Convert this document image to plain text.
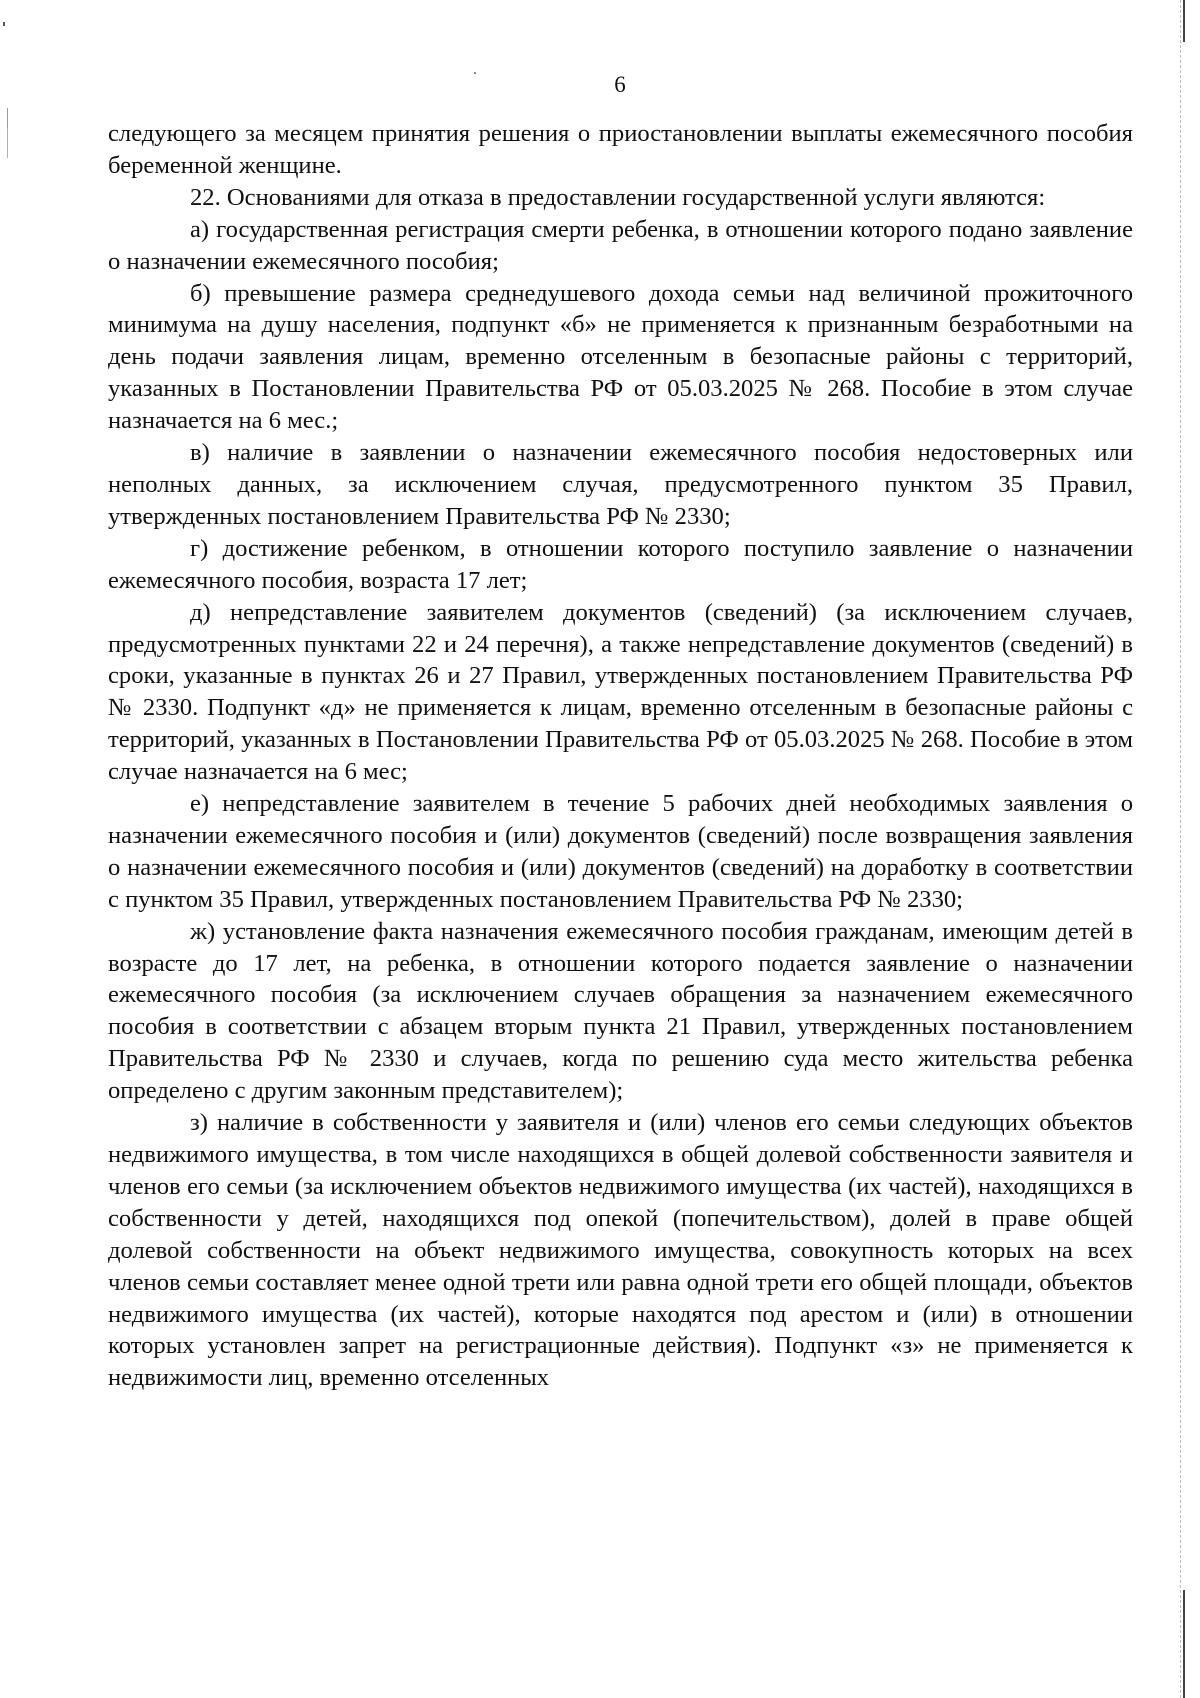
6

следующего за месяцем принятия решения о приостановлении выплаты ежемесячного пособия беременной женщине.

22. Основаниями для отказа в предоставлении государственной услуги являются:

а) государственная регистрация смерти ребенка, в отношении которого подано заявление о назначении ежемесячного пособия;

б) превышение размера среднедушевого дохода семьи над величиной прожиточного минимума на душу населения, подпункт «б» не применяется к признанным безработными на день подачи заявления лицам, временно отселенным в безопасные районы с территорий, указанных в Постановлении Правительства РФ от 05.03.2025 № 268. Пособие в этом случае назначается на 6 мес.;

в) наличие в заявлении о назначении ежемесячного пособия недостоверных или неполных данных, за исключением случая, предусмотренного пунктом 35 Правил, утвержденных постановлением Правительства РФ № 2330;

г) достижение ребенком, в отношении которого поступило заявление о назначении ежемесячного пособия, возраста 17 лет;

д) непредставление заявителем документов (сведений) (за исключением случаев, предусмотренных пунктами 22 и 24 перечня), а также непредставление документов (сведений) в сроки, указанные в пунктах 26 и 27 Правил, утвержденных постановлением Правительства РФ № 2330. Подпункт «д» не применяется к лицам, временно отселенным в безопасные районы с территорий, указанных в Постановлении Правительства РФ от 05.03.2025 № 268. Пособие в этом случае назначается на 6 мес;

е) непредставление заявителем в течение 5 рабочих дней необходимых заявления о назначении ежемесячного пособия и (или) документов (сведений) после возвращения заявления о назначении ежемесячного пособия и (или) документов (сведений) на доработку в соответствии с пунктом 35 Правил, утвержденных постановлением Правительства РФ № 2330;

ж) установление факта назначения ежемесячного пособия гражданам, имеющим детей в возрасте до 17 лет, на ребенка, в отношении которого подается заявление о назначении ежемесячного пособия (за исключением случаев обращения за назначением ежемесячного пособия в соответствии с абзацем вторым пункта 21 Правил, утвержденных постановлением Правительства РФ № 2330 и случаев, когда по решению суда место жительства ребенка определено с другим законным представителем);

з) наличие в собственности у заявителя и (или) членов его семьи следующих объектов недвижимого имущества, в том числе находящихся в общей долевой собственности заявителя и членов его семьи (за исключением объектов недвижимого имущества (их частей), находящихся в собственности у детей, находящихся под опекой (попечительством), долей в праве общей долевой собственности на объект недвижимого имущества, совокупность которых на всех членов семьи составляет менее одной трети или равна одной трети его общей площади, объектов недвижимого имущества (их частей), которые находятся под арестом и (или) в отношении которых установлен запрет на регистрационные действия). Подпункт «з» не применяется к недвижимости лиц, временно отселенных
